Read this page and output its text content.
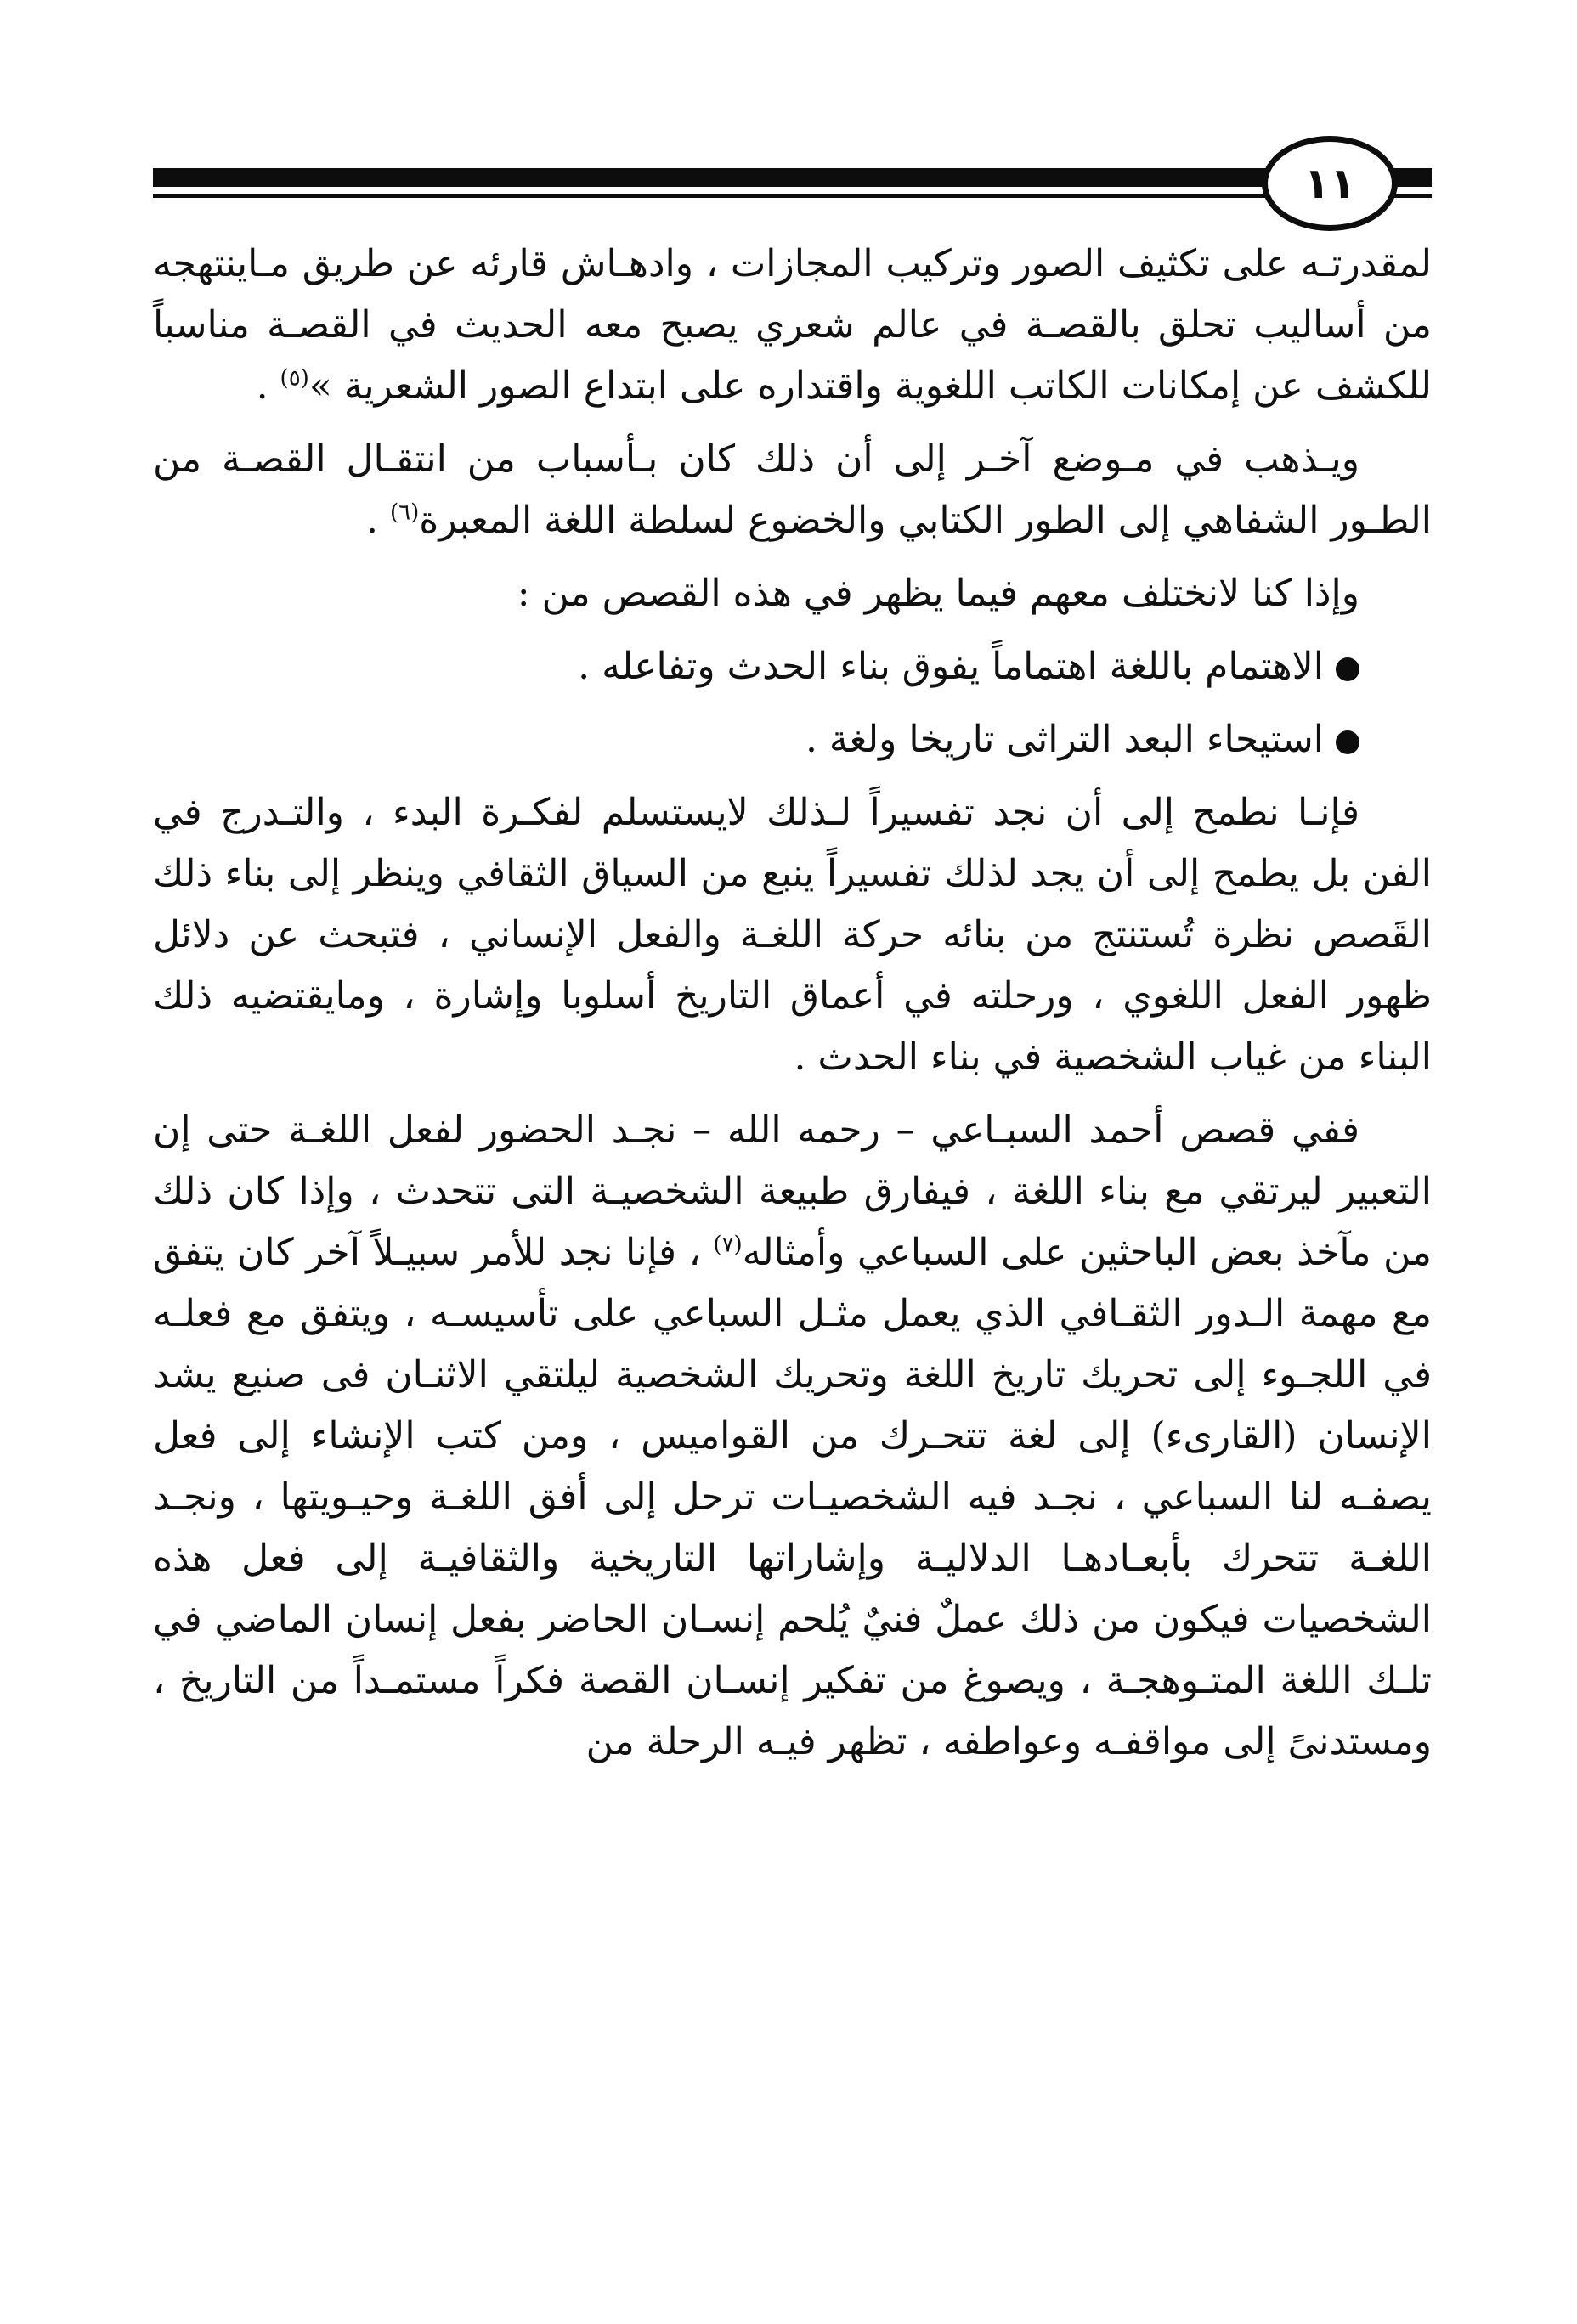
١١

لمقدرتـه على تكثيف الصور وتركيب المجازات ، وادهـاش قارئه عن طريق مـاينتهجه من أساليب تحلق بالقصـة في عالم شعري يصبح معه الحديث في القصـة مناسباً للكشف عن إمكانات الكاتب اللغوية واقتداره على ابتداع الصور الشعرية »$^{(٥)}$ .

ويـذهب في مـوضع آخـر إلى أن ذلك كان بـأسباب من انتقـال القصـة من الطـور الشفاهي إلى الطور الكتابي والخضوع لسلطة اللغة المعبرة$^{(٦)}$ .

وإذا كنا لانختلف معهم فيما يظهر في هذه القصص من :

الاهتمام باللغة اهتماماً يفوق بناء الحدث وتفاعله .

استيحاء البعد التراثى تاريخا ولغة .

فإنـا نطمح إلى أن نجد تفسيراً لـذلك لايستسلم لفكـرة البدء ، والتـدرج في الفن بل يطمح إلى أن يجد لذلك تفسيراً ينبع من السياق الثقافي وينظر إلى بناء ذلك القَصص نظرة تُستنتج من بنائه حركة اللغـة والفعل الإنساني ، فتبحث عن دلائل ظهور الفعل اللغوي ، ورحلته في أعماق التاريخ أسلوبا وإشارة ، ومايقتضيه ذلك البناء من غياب الشخصية في بناء الحدث .

ففي قصص أحمد السبـاعي – رحمه الله – نجـد الحضور لفعل اللغـة حتى إن التعبير ليرتقي مع بناء اللغة ، فيفارق طبيعة الشخصيـة التى تتحدث ، وإذا كان ذلك من مآخذ بعض الباحثين على السباعي وأمثاله$^{(٧)}$ ، فإنا نجد للأمر سبيـلاً آخر كان يتفق مع مهمة الـدور الثقـافي الذي يعمل مثـل السباعي على تأسيسـه ، ويتفق مع فعلـه في اللجـوء إلى تحريك تاريخ اللغة وتحريك الشخصية ليلتقي الاثنـان فى صنيع يشد الإنسان (القارىء) إلى لغة تتحـرك من القواميس ، ومن كتب الإنشاء إلى فعل يصفـه لنا السباعي ، نجـد فيه الشخصيـات ترحل إلى أفق اللغـة وحيـويتها ، ونجـد اللغـة تتحرك بأبعـادهـا الدلاليـة وإشاراتها التاريخية والثقافيـة إلى فعل هذه الشخصيات فيكون من ذلك عملٌ فنيٌ يُلحم إنسـان الحاضر بفعل إنسان الماضي في تلـك اللغة المتـوهجـة ، ويصوغ من تفكير إنسـان القصة فكراً مستمـداً من التاريخ ، ومستدنىً إلى مواقفـه وعواطفه ، تظهر فيـه الرحلة من
